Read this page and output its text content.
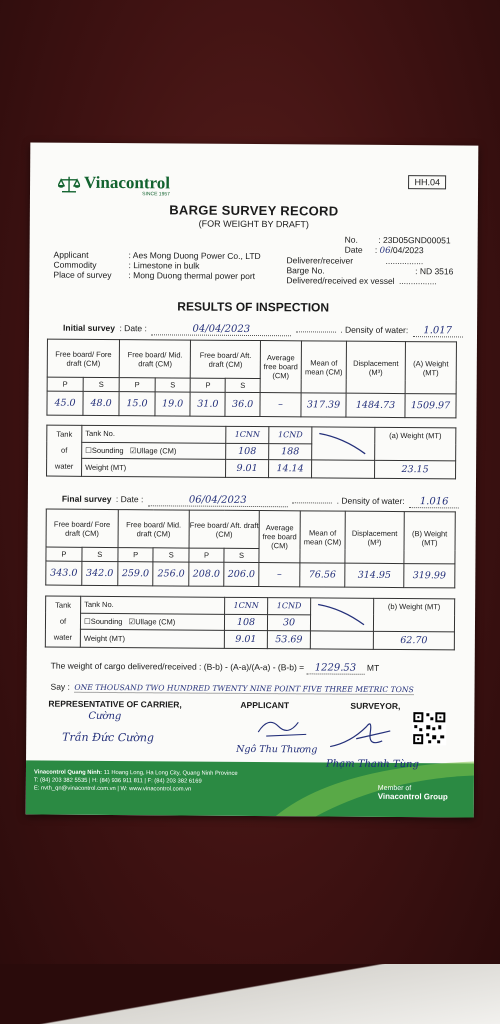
Vinacontrol
SINCE 1957
HH.04
BARGE SURVEY RECORD
(FOR WEIGHT BY DRAFT)
No. : 23D05GND00051
Date : 06/04/2023
Applicant	: Aes Mong Duong Power Co., LTD
Commodity	: Limestone in bulk
Place of survey : Mong Duong thermal power port
Deliverer/receiver	................
Barge No.	: ND 3516
Delivered/received ex vessel ................
RESULTS OF INSPECTION
Initial survey : Date :	04/04/2023	. Density of water: 1.017
Free board/ Fore draft (CM)		Free board/ Mid. draft (CM)		Free board/ Aft. draft (CM)		Average free board (CM)	Mean of mean (CM)	Displacement (M³)	(A) Weight (MT)
P	S	P	S	P	S				
45.0	48.0	15.0	19.0	31.0	36.0	–	317.39	1484.73	1509.97
Tank
of
water	Tank No.	1CNN	1CND		(a) Weight (MT)
	☐Sounding ☑Ullage (CM)	108	188		
	Weight (MT)	9.01	14.14		23.15
Final survey : Date :	06/04/2023	. Density of water: 1.016
Free board/ Fore draft (CM)		Free board/ Mid. draft (CM)		Free board/ Aft. draft (CM)		Average free board (CM)	Mean of mean (CM)	Displacement (M³)	(B) Weight (MT)
P	S	P	S	P	S				
343.0	342.0	259.0	256.0	208.0	206.0	–	76.56	314.95	319.99
Tank
of
water	Tank No.	1CNN	1CND		(b) Weight (MT)
	☐Sounding ☑Ullage (CM)	108	30		
	Weight (MT)	9.01	53.69		62.70
The weight of cargo delivered/received : (B-b) - (A-a)/(A-a) - (B-b) = 1229.53 MT
Say : ONE THOUSAND TWO HUNDRED TWENTY NINE POINT FIVE THREE METRIC TONS
REPRESENTATIVE OF CARRIER,	APPLICANT	SURVEYOR,
Cường
Trần Đức Cường
Ngô Thu Thương
Vinacontrol Quang Ninh: 11 Hoang Long, Ha Long City, Quang Ninh Province
T: (84) 203 382 5535 | H: (84) 936 911 811 | F: (84) 203 382 6169
E: nvth_qn@vinacontrol.com.vn | W: www.vinacontrol.com.vn
Phạm Thanh Tùng
Member of
Vinacontrol Group
